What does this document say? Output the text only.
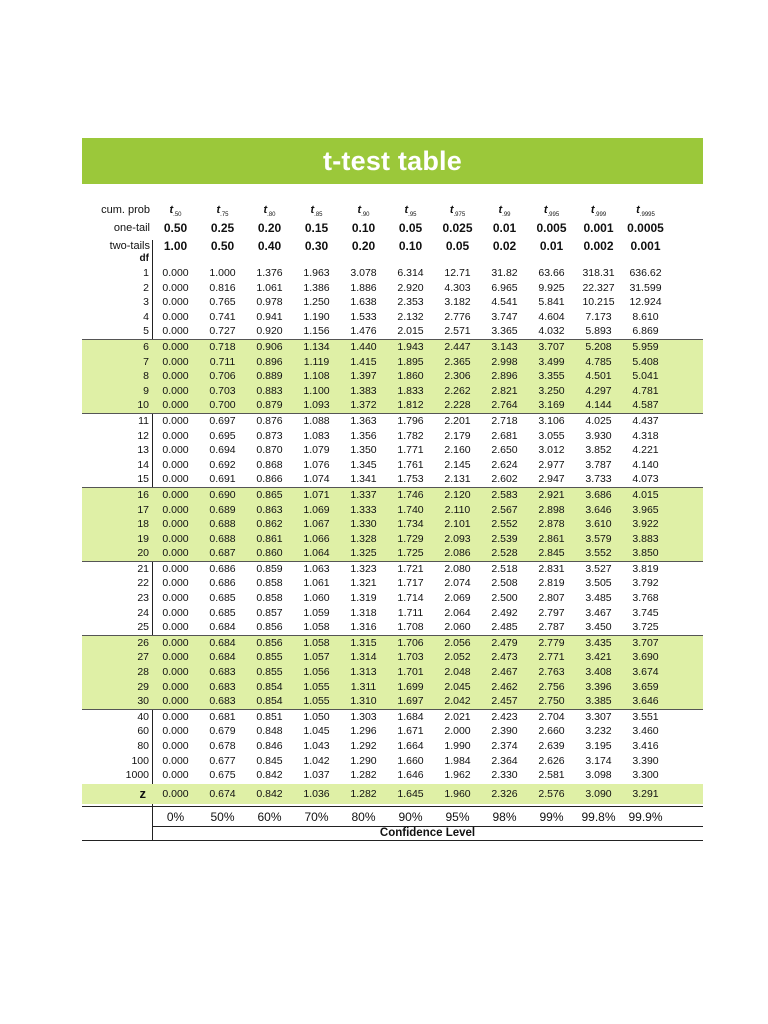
t-test table
cum. prob	$t_{.50}$	$t_{.75}$	$t_{.80}$	$t_{.85}$	$t_{.90}$	$t_{.95}$	$t_{.975}$	$t_{.99}$	$t_{.995}$	$t_{.999}$	$t_{.9995}$
one-tail	0.50	0.25	0.20	0.15	0.10	0.05	0.025	0.01	0.005	0.001	0.0005
two-tails	1.00	0.50	0.40	0.30	0.20	0.10	0.05	0.02	0.01	0.002	0.001
df
1	0.000	1.000	1.376	1.963	3.078	6.314	12.71	31.82	63.66	318.31	636.62
2	0.000	0.816	1.061	1.386	1.886	2.920	4.303	6.965	9.925	22.327	31.599
3	0.000	0.765	0.978	1.250	1.638	2.353	3.182	4.541	5.841	10.215	12.924
4	0.000	0.741	0.941	1.190	1.533	2.132	2.776	3.747	4.604	7.173	8.610
5	0.000	0.727	0.920	1.156	1.476	2.015	2.571	3.365	4.032	5.893	6.869
6	0.000	0.718	0.906	1.134	1.440	1.943	2.447	3.143	3.707	5.208	5.959
7	0.000	0.711	0.896	1.119	1.415	1.895	2.365	2.998	3.499	4.785	5.408
8	0.000	0.706	0.889	1.108	1.397	1.860	2.306	2.896	3.355	4.501	5.041
9	0.000	0.703	0.883	1.100	1.383	1.833	2.262	2.821	3.250	4.297	4.781
10	0.000	0.700	0.879	1.093	1.372	1.812	2.228	2.764	3.169	4.144	4.587
11	0.000	0.697	0.876	1.088	1.363	1.796	2.201	2.718	3.106	4.025	4.437
12	0.000	0.695	0.873	1.083	1.356	1.782	2.179	2.681	3.055	3.930	4.318
13	0.000	0.694	0.870	1.079	1.350	1.771	2.160	2.650	3.012	3.852	4.221
14	0.000	0.692	0.868	1.076	1.345	1.761	2.145	2.624	2.977	3.787	4.140
15	0.000	0.691	0.866	1.074	1.341	1.753	2.131	2.602	2.947	3.733	4.073
16	0.000	0.690	0.865	1.071	1.337	1.746	2.120	2.583	2.921	3.686	4.015
17	0.000	0.689	0.863	1.069	1.333	1.740	2.110	2.567	2.898	3.646	3.965
18	0.000	0.688	0.862	1.067	1.330	1.734	2.101	2.552	2.878	3.610	3.922
19	0.000	0.688	0.861	1.066	1.328	1.729	2.093	2.539	2.861	3.579	3.883
20	0.000	0.687	0.860	1.064	1.325	1.725	2.086	2.528	2.845	3.552	3.850
21	0.000	0.686	0.859	1.063	1.323	1.721	2.080	2.518	2.831	3.527	3.819
22	0.000	0.686	0.858	1.061	1.321	1.717	2.074	2.508	2.819	3.505	3.792
23	0.000	0.685	0.858	1.060	1.319	1.714	2.069	2.500	2.807	3.485	3.768
24	0.000	0.685	0.857	1.059	1.318	1.711	2.064	2.492	2.797	3.467	3.745
25	0.000	0.684	0.856	1.058	1.316	1.708	2.060	2.485	2.787	3.450	3.725
26	0.000	0.684	0.856	1.058	1.315	1.706	2.056	2.479	2.779	3.435	3.707
27	0.000	0.684	0.855	1.057	1.314	1.703	2.052	2.473	2.771	3.421	3.690
28	0.000	0.683	0.855	1.056	1.313	1.701	2.048	2.467	2.763	3.408	3.674
29	0.000	0.683	0.854	1.055	1.311	1.699	2.045	2.462	2.756	3.396	3.659
30	0.000	0.683	0.854	1.055	1.310	1.697	2.042	2.457	2.750	3.385	3.646
40	0.000	0.681	0.851	1.050	1.303	1.684	2.021	2.423	2.704	3.307	3.551
60	0.000	0.679	0.848	1.045	1.296	1.671	2.000	2.390	2.660	3.232	3.460
80	0.000	0.678	0.846	1.043	1.292	1.664	1.990	2.374	2.639	3.195	3.416
100	0.000	0.677	0.845	1.042	1.290	1.660	1.984	2.364	2.626	3.174	3.390
1000	0.000	0.675	0.842	1.037	1.282	1.646	1.962	2.330	2.581	3.098	3.300
z	0.000	0.674	0.842	1.036	1.282	1.645	1.960	2.326	2.576	3.090	3.291
0%	50%	60%	70%	80%	90%	95%	98%	99%	99.8%	99.9%
Confidence Level
